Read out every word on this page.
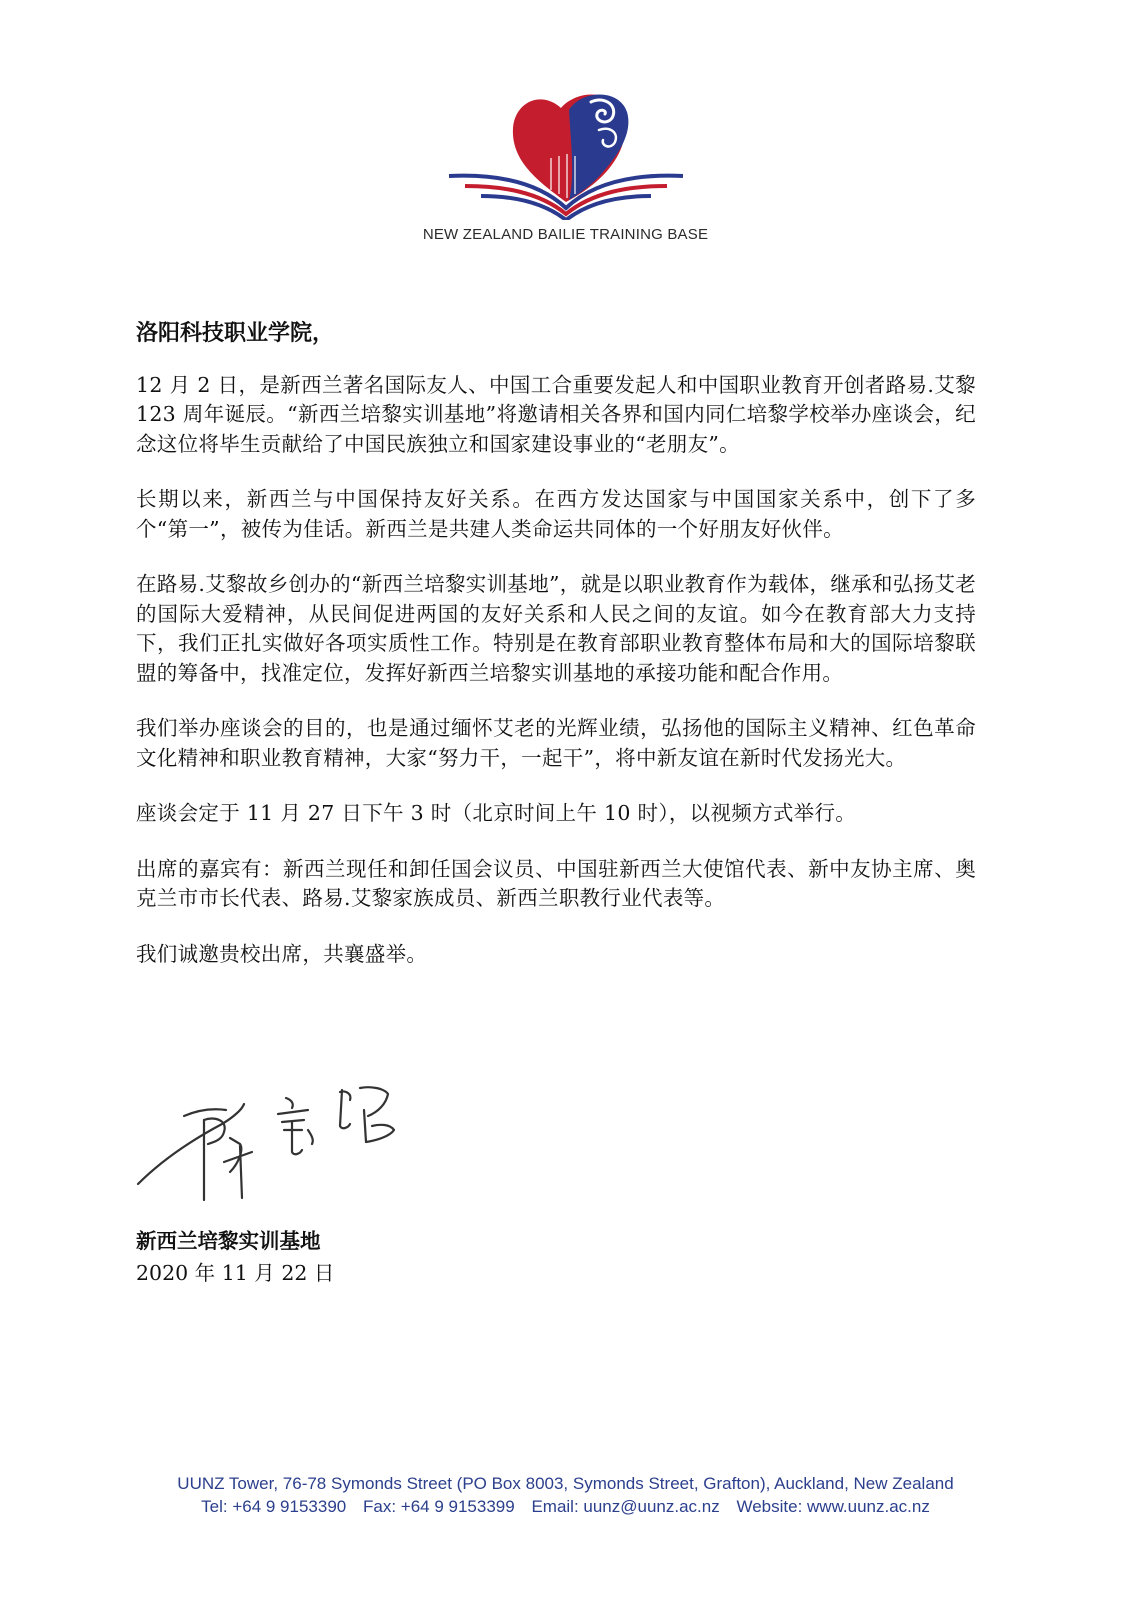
NEW ZEALAND BAILIE TRAINING BASE
洛阳科技职业学院，

12 月 2 日，是新西兰著名国际友人、中国工合重要发起人和中国职业教育开创者路易.艾黎 123 周年诞辰。“新西兰培黎实训基地”将邀请相关各界和国内同仁培黎学校举办座谈会，纪念这位将毕生贡献给了中国民族独立和国家建设事业的“老朋友”。

长期以来，新西兰与中国保持友好关系。在西方发达国家与中国国家关系中，创下了多个“第一”，被传为佳话。新西兰是共建人类命运共同体的一个好朋友好伙伴。

在路易.艾黎故乡创办的“新西兰培黎实训基地”，就是以职业教育作为载体，继承和弘扬艾老的国际大爱精神，从民间促进两国的友好关系和人民之间的友谊。如今在教育部大力支持下，我们正扎实做好各项实质性工作。特别是在教育部职业教育整体布局和大的国际培黎联盟的筹备中，找准定位，发挥好新西兰培黎实训基地的承接功能和配合作用。

我们举办座谈会的目的，也是通过缅怀艾老的光辉业绩，弘扬他的国际主义精神、红色革命文化精神和职业教育精神，大家“努力干，一起干”，将中新友谊在新时代发扬光大。

座谈会定于 11 月 27 日下午 3 时（北京时间上午 10 时），以视频方式举行。

出席的嘉宾有：新西兰现任和卸任国会议员、中国驻新西兰大使馆代表、新中友协主席、奥克兰市市长代表、路易.艾黎家族成员、新西兰职教行业代表等。

我们诚邀贵校出席，共襄盛举。

新西兰培黎实训基地
2020 年 11 月 22 日
UUNZ Tower, 76-78 Symonds Street (PO Box 8003, Symonds Street, Grafton), Auckland, New Zealand
Tel: +64 9 9153390 Fax: +64 9 9153399 Email: uunz@uunz.ac.nz Website: www.uunz.ac.nz
